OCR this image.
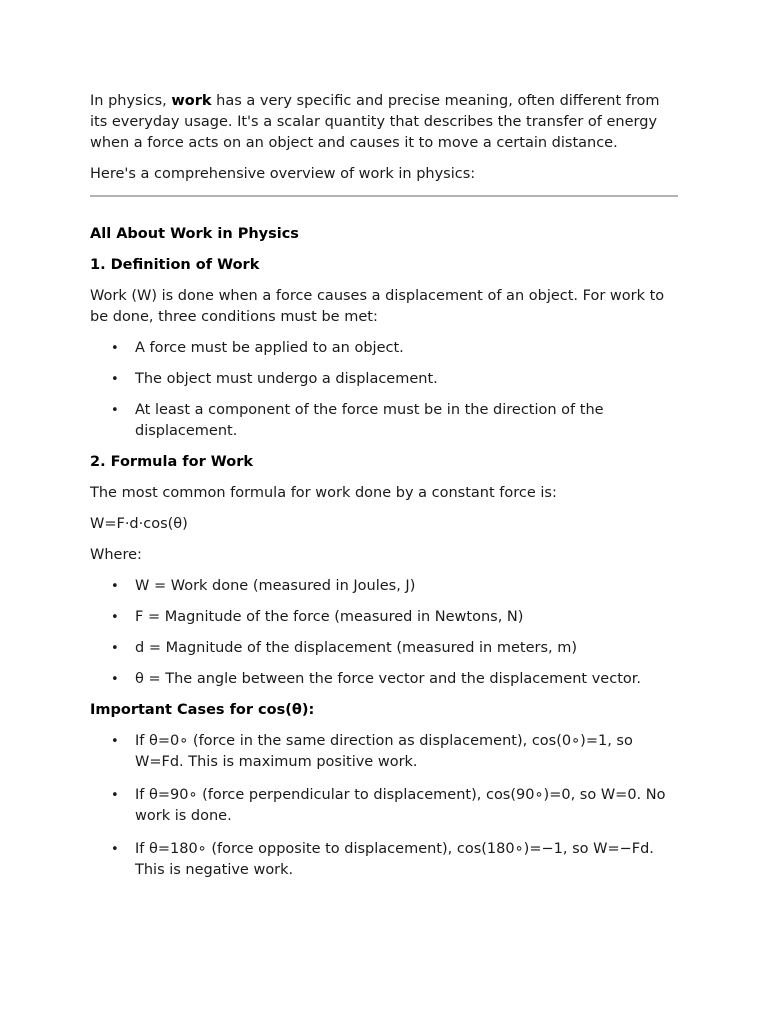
In physics, work has a very specific and precise meaning, often different from its everyday usage. It's a scalar quantity that describes the transfer of energy when a force acts on an object and causes it to move a certain distance.

Here's a comprehensive overview of work in physics:

All About Work in Physics

1. Definition of Work

Work (W) is done when a force causes a displacement of an object. For work to be done, three conditions must be met:

• A force must be applied to an object.
• The object must undergo a displacement.
• At least a component of the force must be in the direction of the displacement.

2. Formula for Work

The most common formula for work done by a constant force is:

W=F·d·cos(θ)

Where:

• W = Work done (measured in Joules, J)
• F = Magnitude of the force (measured in Newtons, N)
• d = Magnitude of the displacement (measured in meters, m)
• θ = The angle between the force vector and the displacement vector.

Important Cases for cos(θ):

• If θ=0∘ (force in the same direction as displacement), cos(0∘)=1, so W=Fd. This is maximum positive work.
• If θ=90∘ (force perpendicular to displacement), cos(90∘)=0, so W=0. No work is done.
• If θ=180∘ (force opposite to displacement), cos(180∘)=−1, so W=−Fd. This is negative work.
